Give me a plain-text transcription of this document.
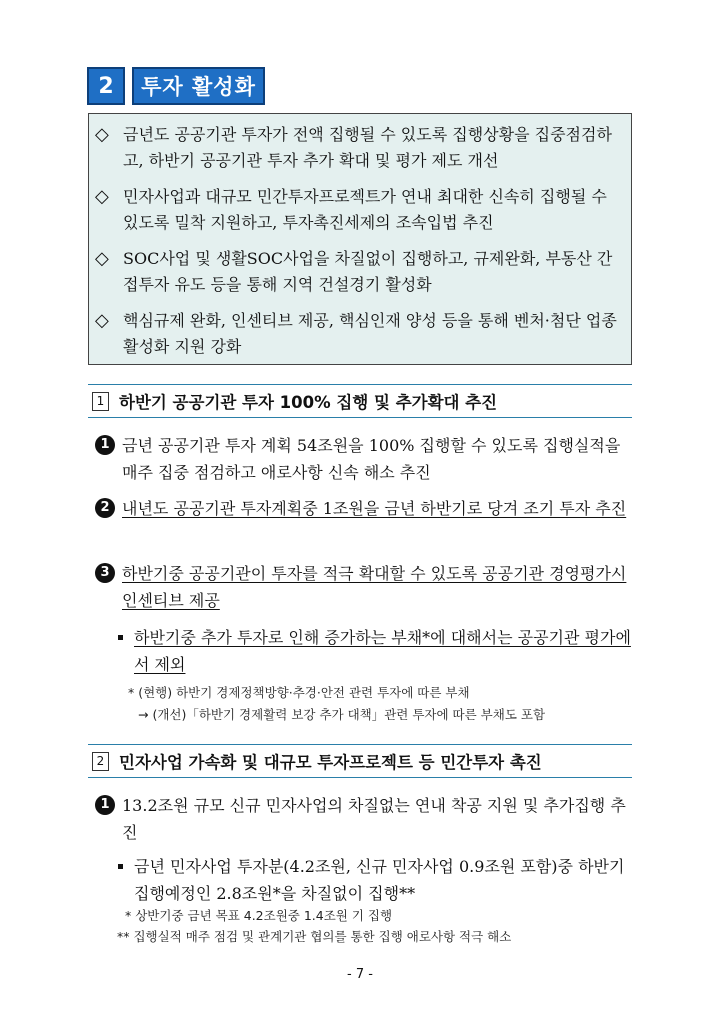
2	투자 활성화
◇ 금년도 공공기관 투자가 전액 집행될 수 있도록 집행상황을 집중점검하고, 하반기 공공기관 투자 추가 확대 및 평가 제도 개선
◇ 민자사업과 대규모 민간투자프로젝트가 연내 최대한 신속히 집행될 수 있도록 밀착 지원하고, 투자촉진세제의 조속입법 추진
◇ SOC사업 및 생활SOC사업을 차질없이 집행하고, 규제완화, 부동산 간접투자 유도 등을 통해 지역 건설경기 활성화
◇ 핵심규제 완화, 인센티브 제공, 핵심인재 양성 등을 통해 벤처·첨단 업종 활성화 지원 강화
1 하반기 공공기관 투자 100% 집행 및 추가확대 추진
1 금년 공공기관 투자 계획 54조원을 100% 집행할 수 있도록 집행실적을 매주 집중 점검하고 애로사항 신속 해소 추진
2 내년도 공공기관 투자계획중 1조원을 금년 하반기로 당겨 조기 투자 추진
3 하반기중 공공기관이 투자를 적극 확대할 수 있도록 공공기관 경영평가시 인센티브 제공
하반기중 추가 투자로 인해 증가하는 부채*에 대해서는 공공기관 평가에서 제외
* (현행) 하반기 경제정책방향·추경·안전 관련 투자에 따른 부채
→ (개선)「하반기 경제활력 보강 추가 대책」관련 투자에 따른 부채도 포함
2 민자사업 가속화 및 대규모 투자프로젝트 등 민간투자 촉진
1 13.2조원 규모 신규 민자사업의 차질없는 연내 착공 지원 및 추가집행 추진
금년 민자사업 투자분(4.2조원, 신규 민자사업 0.9조원 포함)중 하반기 집행예정인 2.8조원*을 차질없이 집행**
* 상반기중 금년 목표 4.2조원중 1.4조원 기 집행
** 집행실적 매주 점검 및 관계기관 협의를 통한 집행 애로사항 적극 해소
- 7 -
